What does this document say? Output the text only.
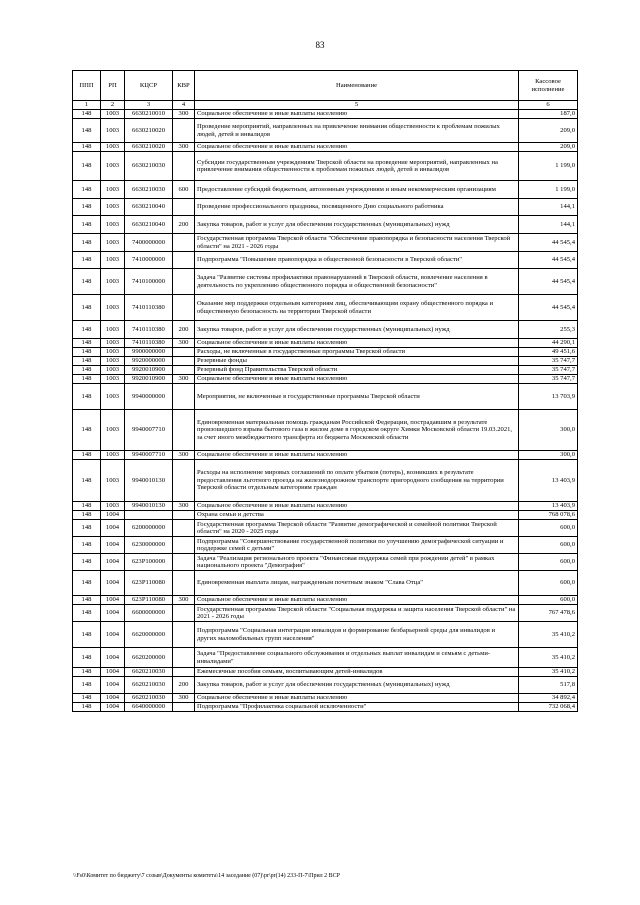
83
ППП	РП	КЦСР	КВР	Наименование	Кассовое исполнение
1	2	3	4	5	6
148	1003	6630210010	300	Социальное обеспечение и иные выплаты населению	187,0
148	1003	6630210020		Проведение мероприятий, направленных на привлечение внимания общественности к проблемам пожилых людей, детей и инвалидов	209,0
148	1003	6630210020	300	Социальное обеспечение и иные выплаты населению	209,0
148	1003	6630210030		Субсидии государственным учреждениям Тверской области на проведение мероприятий, направленных на привлечение внимания общественности к проблемам пожилых людей, детей и инвалидов	1 199,0
148	1003	6630210030	600	Предоставление субсидий бюджетным, автономным учреждениям и иным некоммерческим организациям	1 199,0
148	1003	6630210040		Проведение профессионального праздника, посвященного Дню социального работника	144,1
148	1003	6630210040	200	Закупка товаров, работ и услуг для обеспечения государственных (муниципальных) нужд	144,1
148	1003	7400000000		Государственная программа Тверской области "Обеспечение правопорядка и безопасности населения Тверской области" на 2021 - 2026 годы	44 545,4
148	1003	7410000000		Подпрограмма "Повышение правопорядка и общественной безопасности в Тверской области"	44 545,4
148	1003	7410100000		Задача "Развитие системы профилактики правонарушений в Тверской области, вовлечение населения в деятельность по укреплению общественного порядка и общественной безопасности"	44 545,4
148	1003	7410110380		Оказание мер поддержки отдельным категориям лиц, обеспечивающим охрану общественного порядка и общественную безопасность на территории Тверской области	44 545,4
148	1003	7410110380	200	Закупка товаров, работ и услуг для обеспечения государственных (муниципальных) нужд	255,3
148	1003	7410110380	300	Социальное обеспечение и иные выплаты населению	44 290,1
148	1003	9900000000		Расходы, не включенные в государственные программы Тверской области	49 451,6
148	1003	9920000000		Резервные фонды	35 747,7
148	1003	9920010900		Резервный фонд Правительства Тверской области	35 747,7
148	1003	9920010900	300	Социальное обеспечение и иные выплаты населению	35 747,7
148	1003	9940000000		Мероприятия, не включенные в государственные программы Тверской области	13 703,9
148	1003	9940007710		Единовременная материальная помощь гражданам Российской Федерации, пострадавшим в результате произошедшего взрыва бытового газа в жилом доме в городском округе Химки Московской области 19.03.2021, за счет иного межбюджетного трансферта из бюджета Московской области	300,0
148	1003	9940007710	300	Социальное обеспечение и иные выплаты населению	300,0
148	1003	9940010130		Расходы на исполнение мировых соглашений по оплате убытков (потерь), возникших в результате предоставления льготного проезда на железнодорожном транспорте пригородного сообщения на территории Тверской области отдельным категориям граждан	13 403,9
148	1003	9940010130	300	Социальное обеспечение и иные выплаты населению	13 403,9
148	1004			Охрана семьи и детства	768 078,6
148	1004	6200000000		Государственная программа Тверской области "Развитие демографической и семейной политики Тверской области" на 2020 - 2025 годы	600,0
148	1004	6230000000		Подпрограмма "Совершенствование государственной политики по улучшению демографической ситуации и поддержке семей с детьми"	600,0
148	1004	623P100000		Задача "Реализация регионального проекта "Финансовая поддержка семей при рождении детей" в рамках национального проекта "Демография"	600,0
148	1004	623P110080		Единовременная выплата лицам, награжденным почетным знаком "Слава Отца"	600,0
148	1004	623P110080	300	Социальное обеспечение и иные выплаты населению	600,0
148	1004	6600000000		Государственная программа Тверской области "Социальная поддержка и защита населения Тверской области" на 2021 - 2026 годы	767 478,6
148	1004	6620000000		Подпрограмма "Социальная интеграция инвалидов и формирование безбарьерной среды для инвалидов и других маломобильных групп населения"	35 410,2
148	1004	6620200000		Задача "Предоставление социального обслуживания и отдельных выплат инвалидам и семьям с детьми-инвалидами"	35 410,2
148	1004	6620210030		Ежемесячные пособия семьям, воспитывающим детей-инвалидов	35 410,2
148	1004	6620210030	200	Закупка товаров, работ и услуг для обеспечения государственных (муниципальных) нужд	517,8
148	1004	6620210030	300	Социальное обеспечение и иные выплаты населению	34 892,4
148	1004	6640000000		Подпрограмма "Профилактика социальной исключенности"	732 068,4
\\Fs0\Комитет по бюджету\7 созыв\Документы комитета\14 заседание (07)\pr\pr(14) 233-П-7\Прил 2 ВСР
